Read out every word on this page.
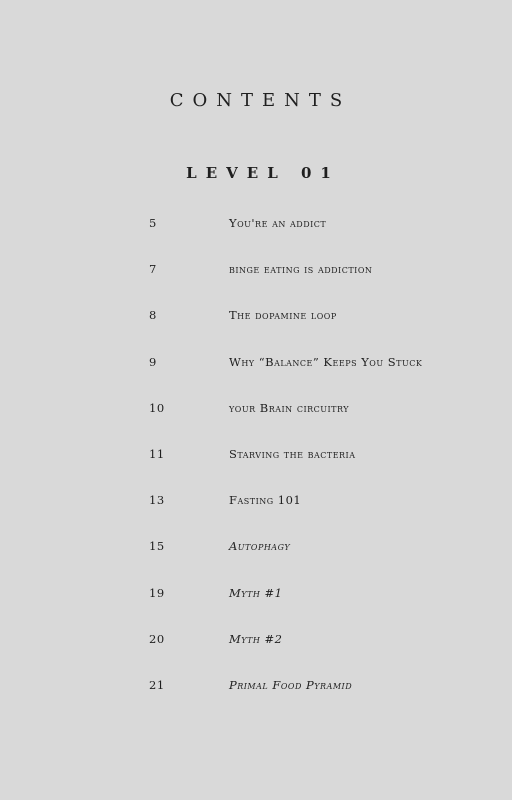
CONTENTS
LEVEL 01
5	You're an addict
7	binge eating is addiction
8	The dopamine loop
9	Why “Balance” Keeps You Stuck
10	your Brain circuitry
11	Starving the bacteria
13	Fasting 101
15	Autophagy
19	Myth #1
20	Myth #2
21	Primal Food Pyramid
